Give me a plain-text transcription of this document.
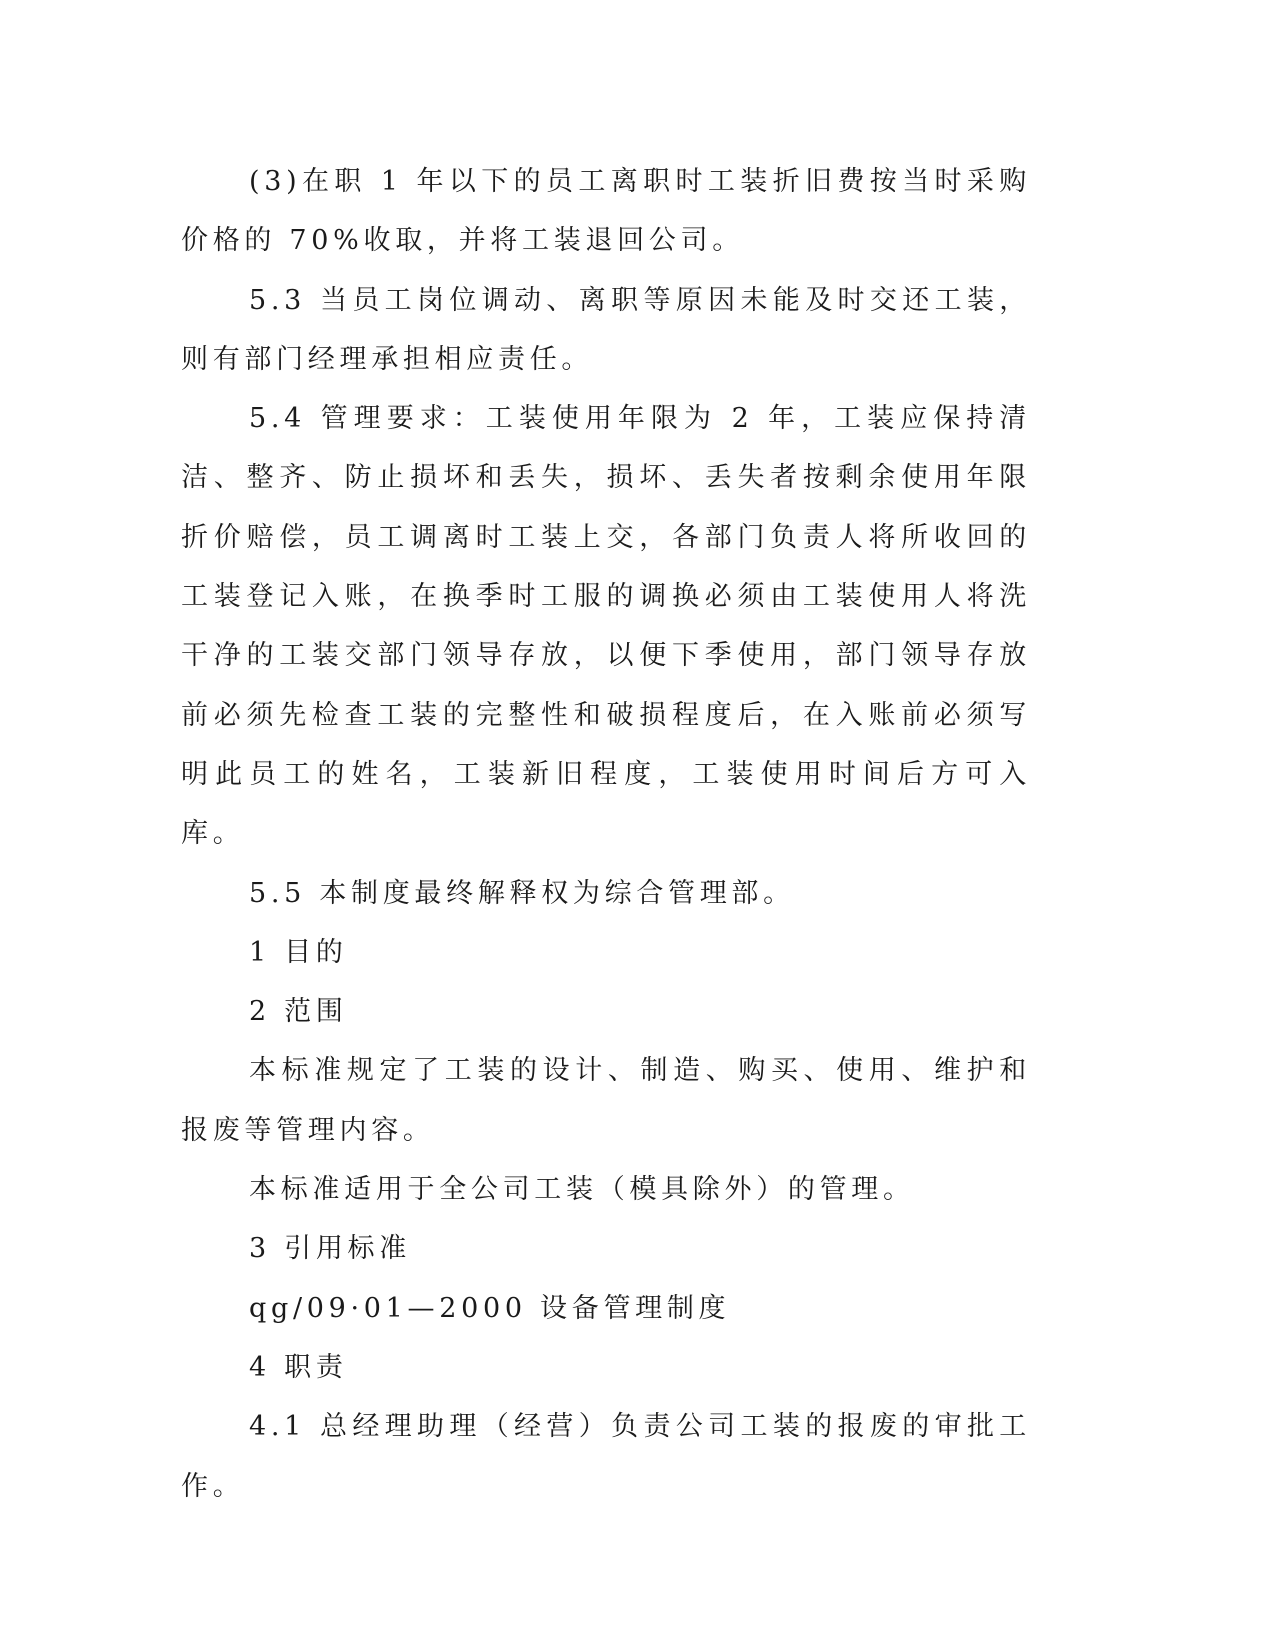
(3)在职 1 年以下的员工离职时工装折旧费按当时采购价格的 70%收取，并将工装退回公司。

5.3 当员工岗位调动、离职等原因未能及时交还工装，则有部门经理承担相应责任。

5.4 管理要求：工装使用年限为 2 年，工装应保持清洁、整齐、防止损坏和丢失，损坏、丢失者按剩余使用年限折价赔偿，员工调离时工装上交，各部门负责人将所收回的工装登记入账，在换季时工服的调换必须由工装使用人将洗干净的工装交部门领导存放，以便下季使用，部门领导存放前必须先检查工装的完整性和破损程度后，在入账前必须写明此员工的姓名，工装新旧程度，工装使用时间后方可入库。

5.5 本制度最终解释权为综合管理部。

1 目的

2 范围

本标准规定了工装的设计、制造、购买、使用、维护和报废等管理内容。

本标准适用于全公司工装（模具除外）的管理。

3 引用标准

qg/09·01—2000 设备管理制度

4 职责

4.1 总经理助理（经营）负责公司工装的报废的审批工作。
